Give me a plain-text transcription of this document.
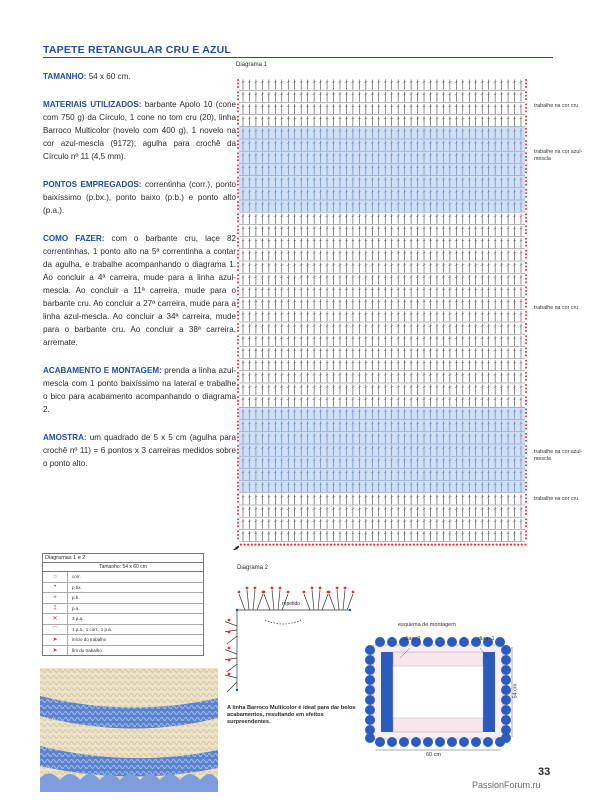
TAPETE RETANGULAR CRU E AZUL

TAMANHO: 54 x 60 cm.

MATERIAIS UTILIZADOS: barbante Apolo 10 (cone com 750 g) da Círculo, 1 cone no tom cru (20), linha Barroco Multicolor (novelo com 400 g), 1 novelo na cor azul-mescla (9172); agulha para crochê da Círculo nº 11 (4,5 mm).

PONTOS EMPREGADOS: correntinha (corr.), ponto baixíssimo (p.bx.), ponto baixo (p.b.) e ponto alto (p.a.).

COMO FAZER: com o barbante cru, laçe 82 correntinhas, 1 ponto alto na 5ª correntinha a contar da agulha, e trabalhe acompanhando o diagrama 1. Ao concluir a 4ª carreira, mude para a linha azul-mescla. Ao concluir a 11ª carreira, mude para o barbante cru. Ao concluir a 27ª carreira, mude para a linha azul-mescla. Ao concluir a 34ª carreira, mude para o barbante cru. Ao concluir a 38ª carreira, arremate.

ACABAMENTO E MONTAGEM: prenda a linha azul-mescla com 1 ponto baixíssimo na lateral e trabalhe o bico para acabamento acompanhando o diagrama 2.

AMOSTRA: um quadrado de 5 x 5 cm (agulha para crochê nº 11) = 6 pontos x 3 carreiras medidos sobre o ponto alto.

Diagrama 1
trabalhe na cor cru
trabalhe na cor azul-mescla
trabalhe na cor cru
trabalhe na cor azul-mescla
trabalhe na cor cru
Diagramas 1 e 2
Tamanho: 54 x 60 cm
○	corr.
•	p.bx.
+	p.b.
‡	p.a.
✕	3 p.a.
⌒	1 p.a., 1 corr., 1 p.a.
➤	início do trabalho
➤	fim do trabalho
Diagrama 2
repetido
A linha Barroco Multicolor é ideal para dar belos acabamentos, resultando em efeitos surpreendentes.
esquema de montagem
diag. 2	diag. 1
54 cm
60 cm
33
PassionForum.ru
